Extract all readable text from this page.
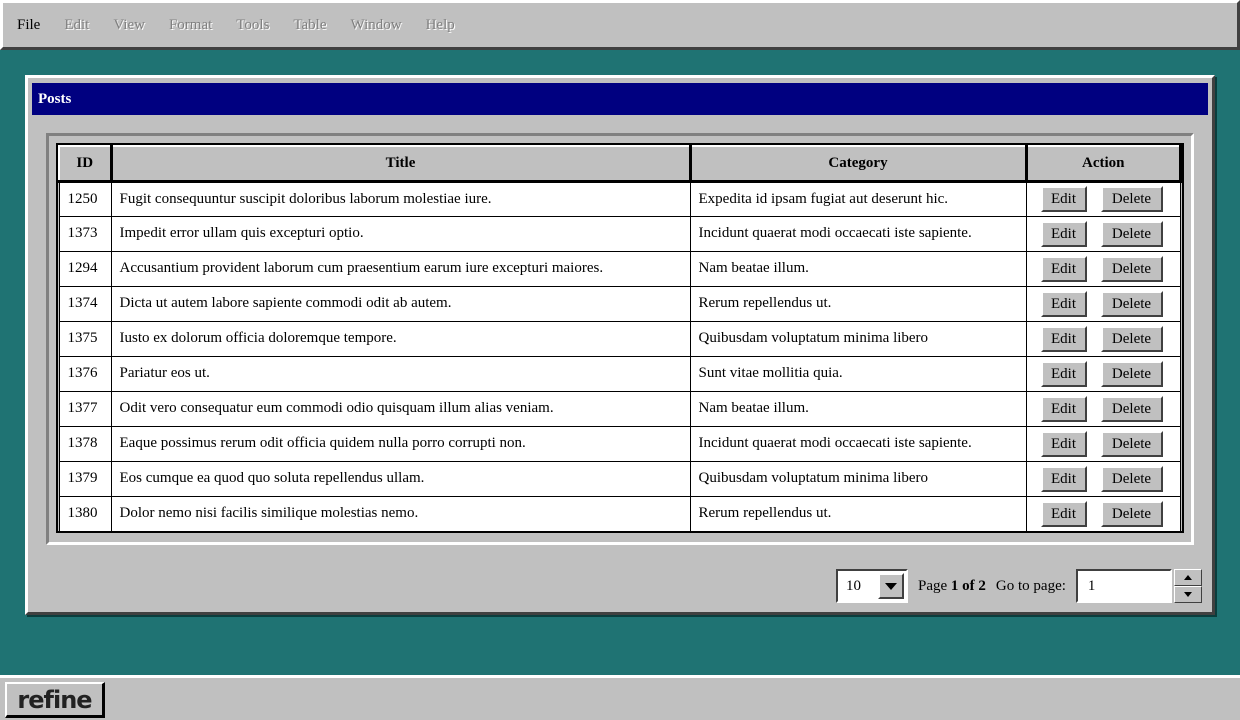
File Edit View Format Tools Table Window Help
Posts
ID	Title	Category	Action
1250	Fugit consequuntur suscipit doloribus laborum molestiae iure.	Expedita id ipsam fugiat aut deserunt hic.	Edit Delete
1373	Impedit error ullam quis excepturi optio.	Incidunt quaerat modi occaecati iste sapiente.	Edit Delete
1294	Accusantium provident laborum cum praesentium earum iure excepturi maiores.	Nam beatae illum.	Edit Delete
1374	Dicta ut autem labore sapiente commodi odit ab autem.	Rerum repellendus ut.	Edit Delete
1375	Iusto ex dolorum officia doloremque tempore.	Quibusdam voluptatum minima libero	Edit Delete
1376	Pariatur eos ut.	Sunt vitae mollitia quia.	Edit Delete
1377	Odit vero consequatur eum commodi odio quisquam illum alias veniam.	Nam beatae illum.	Edit Delete
1378	Eaque possimus rerum odit officia quidem nulla porro corrupti non.	Incidunt quaerat modi occaecati iste sapiente.	Edit Delete
1379	Eos cumque ea quod quo soluta repellendus ullam.	Quibusdam voluptatum minima libero	Edit Delete
1380	Dolor nemo nisi facilis similique molestias nemo.	Rerum repellendus ut.	Edit Delete
10	Page 1 of 2 Go to page:	1
refine
